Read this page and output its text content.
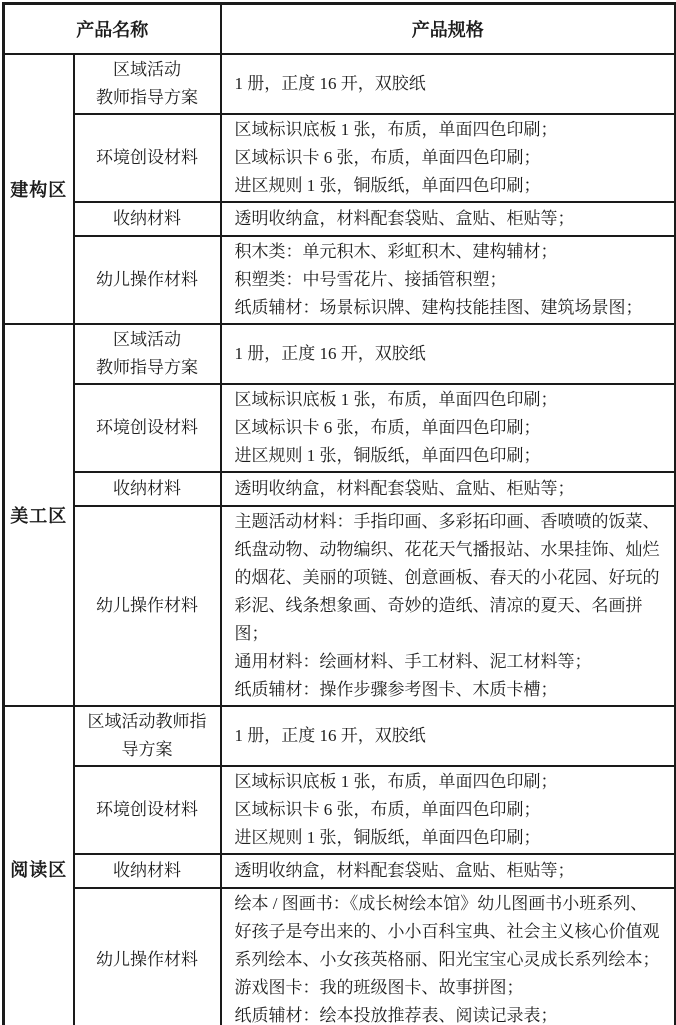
产品名称		产品规格
建构区	区域活动
教师指导方案	1 册，正度 16 开，双胶纸

	环境创设材料	区域标识底板 1 张，布质，单面四色印刷；
区域标识卡 6 张，布质，单面四色印刷；
进区规则 1 张，铜版纸，单面四色印刷；

	收纳材料	透明收纳盒，材料配套袋贴、盒贴、柜贴等；

	幼儿操作材料	积木类：单元积木、彩虹积木、建构辅材；
积塑类：中号雪花片、接插管积塑；
纸质辅材：场景标识牌、建构技能挂图、建筑场景图；

美工区	区域活动
教师指导方案	1 册，正度 16 开，双胶纸

	环境创设材料	区域标识底板 1 张，布质，单面四色印刷；
区域标识卡 6 张，布质，单面四色印刷；
进区规则 1 张，铜版纸，单面四色印刷；

	收纳材料	透明收纳盒，材料配套袋贴、盒贴、柜贴等；

	幼儿操作材料	主题活动材料：手指印画、多彩拓印画、香喷喷的饭菜、纸盘动物、动物编织、花花天气播报站、水果挂饰、灿烂的烟花、美丽的项链、创意画板、春天的小花园、好玩的彩泥、线条想象画、奇妙的造纸、清凉的夏天、名画拼图；
通用材料：绘画材料、手工材料、泥工材料等；
纸质辅材：操作步骤参考图卡、木质卡槽；

阅读区	区域活动教师指导方案	1 册，正度 16 开，双胶纸

	环境创设材料	区域标识底板 1 张，布质，单面四色印刷；
区域标识卡 6 张，布质，单面四色印刷；
进区规则 1 张，铜版纸，单面四色印刷；

	收纳材料	透明收纳盒，材料配套袋贴、盒贴、柜贴等；

	幼儿操作材料	绘本 / 图画书：《成长树绘本馆》幼儿图画书小班系列、好孩子是夸出来的、小小百科宝典、社会主义核心价值观系列绘本、小女孩英格丽、阳光宝宝心灵成长系列绘本；
游戏图卡：我的班级图卡、故事拼图；
纸质辅材：绘本投放推荐表、阅读记录表；
